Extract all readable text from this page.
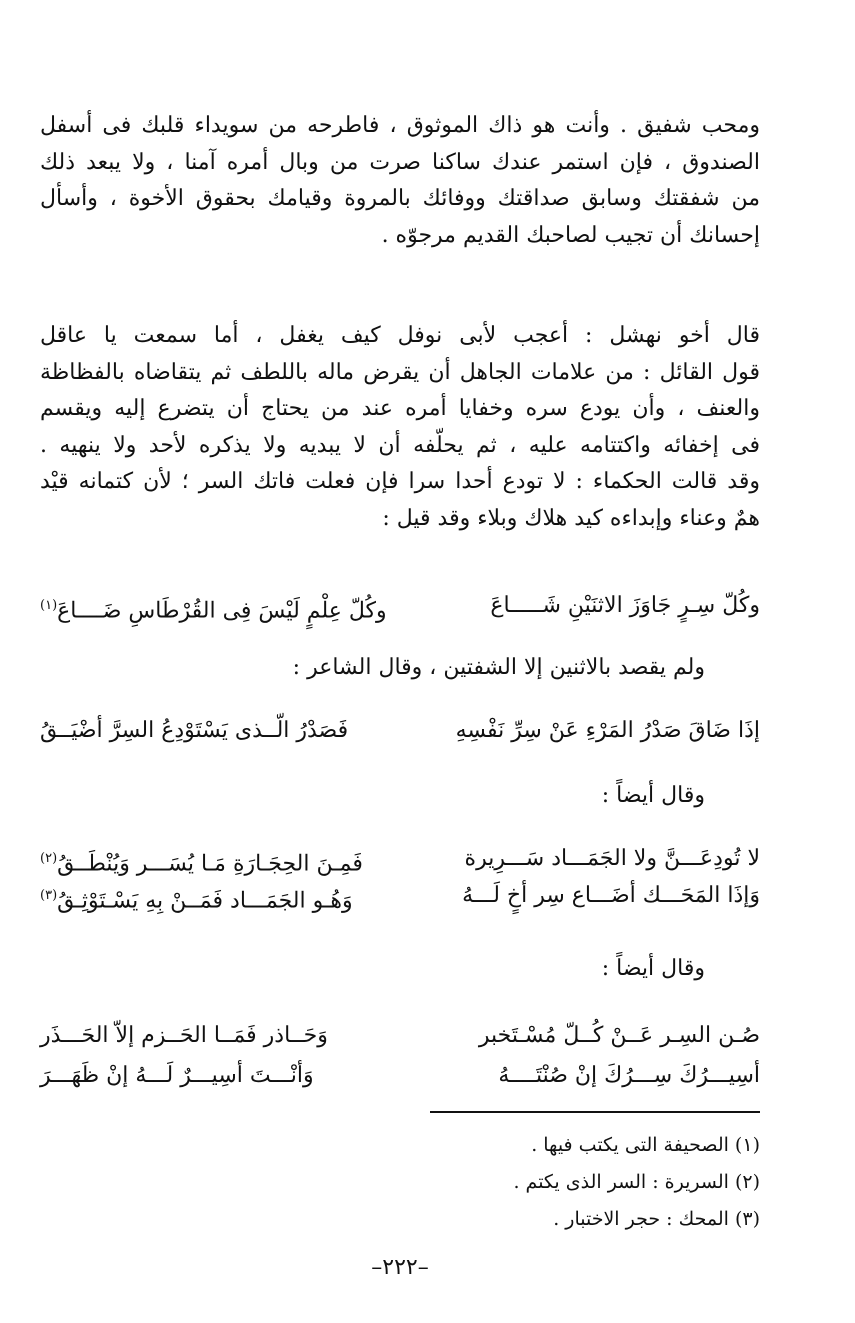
ومحب شفيق . وأنت هو ذاك الموثوق ، فاطرحه من سويداء قلبك فى أسفل
الصندوق ، فإن استمر عندك ساكنا صرت من وبال أمره آمنا ، ولا يبعد ذلك
من شفقتك وسابق صداقتك ووفائك بالمروة وقيامك بحقوق الأخوة ، وأسأل
إحسانك أن تجيب لصاحبك القديم مرجوّه .
قال أخو نهشل : أعجب لأبى نوفل كيف يغفل ، أما سمعت يا عاقل
قول القائل : من علامات الجاهل أن يقرض ماله باللطف ثم يتقاضاه بالفظاظة
والعنف ، وأن يودع سره وخفايا أمره عند من يحتاج أن يتضرع إليه ويقسم
فى إخفائه واكتتامه عليه ، ثم يحلّفه أن لا يبديه ولا يذكره لأحد ولا ينهيه .
وقد قالت الحكماء : لا تودع أحدا سرا فإن فعلت فاتك السر ؛ لأن كتمانه قيْد
همٌ وعناء وإبداءه كيد هلاك وبلاء وقد قيل :
وكُلّ سِـرٍ جَاوَزَ الاثنَيْنِ شَـــــاعَ
وكُلّ عِلْمٍ لَيْسَ فِى القُرْطَاسِ ضَــــاعَ$^{(١)}$
ولم يقصد بالاثنين إلا الشفتين ، وقال الشاعر :
إذَا ضَاقَ صَدْرُ المَرْءِ عَنْ سِرِّ نَفْسِهِ
فَصَدْرُ الّــذى يَسْتَوْدِعُ السِرَّ أضْيَــقُ
وقال أيضاً :
لا تُودِعَـــنَّ ولا الجَمَـــاد سَـــرِيرة
فَمِـنَ الحِجَـارَةِ مَـا يُسَـــر وَيُنْطَــقُ$^{(٢)}$
وَإذَا المَحَـــك أضَـــاع سِر أخٍ لَـــهُ
وَهُـو الجَمَـــاد فَمَــنْ بِهِ يَسْـتَوْثِـقُ$^{(٣)}$
وقال أيضاً :
صُـن السِـر عَــنْ كُــلّ مُسْـتَخبر
وَحَــاذر فَمَــا الحَــزم إلاّ الحَـــذَر
أسِيـــرُكَ سِـــرُكَ إنْ صُنْتَــــهُ
وَأنْـــتَ أسِيـــرٌ لَـــهُ إنْ ظَهَـــرَ
(١) الصحيفة التى يكتب فيها .
(٢) السريرة : السر الذى يكتم .
(٣) المحك : حجر الاختبار .
–٢٢٢–
